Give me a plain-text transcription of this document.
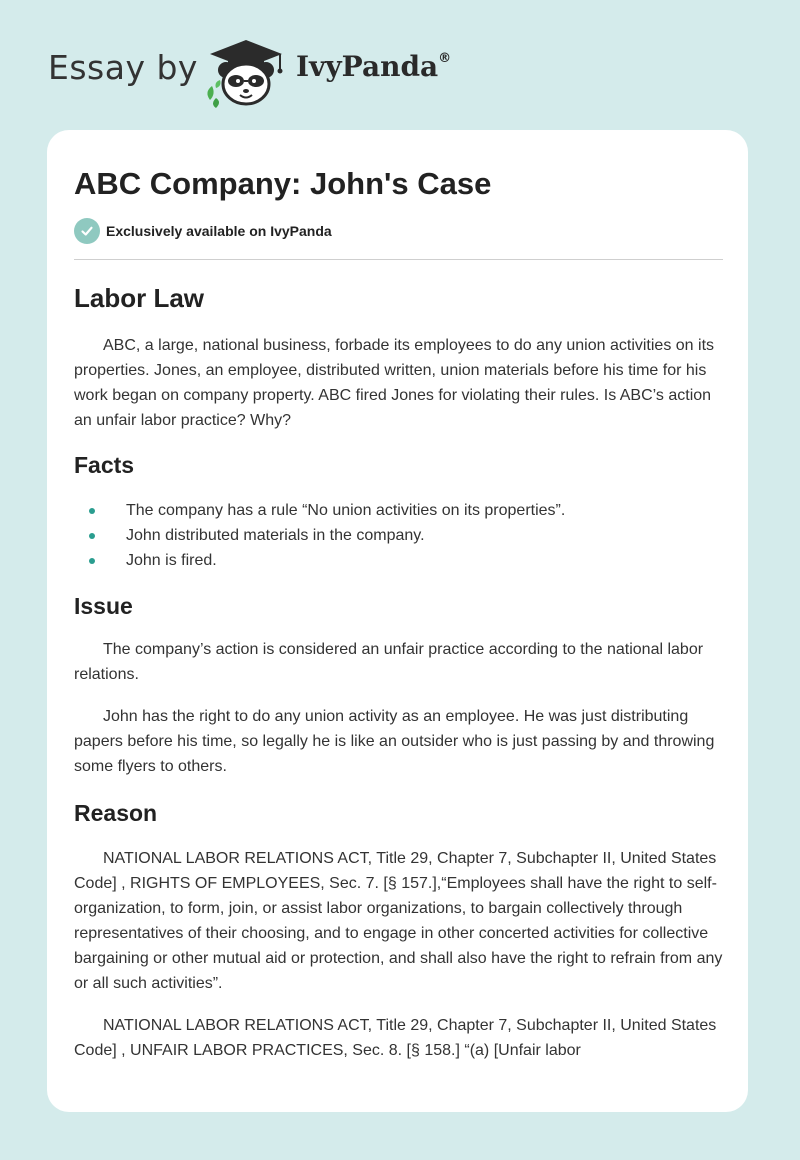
Essay by	IvyPanda®
ABC Company: John's Case
Exclusively available on IvyPanda
Labor Law

ABC, a large, national business, forbade its employees to do any union activities on its properties. Jones, an employee, distributed written, union materials before his time for his work began on company property. ABC fired Jones for violating their rules. Is ABC’s action an unfair labor practice? Why?

Facts
The company has a rule “No union activities on its properties”.
John distributed materials in the company.
John is fired.
Issue

The company’s action is considered an unfair practice according to the national labor relations.

John has the right to do any union activity as an employee. He was just distributing papers before his time, so legally he is like an outsider who is just passing by and throwing some flyers to others.

Reason

NATIONAL LABOR RELATIONS ACT, Title 29, Chapter 7, Subchapter II, United States Code] , RIGHTS OF EMPLOYEES, Sec. 7. [§ 157.],“Employees shall have the right to self-organization, to form, join, or assist labor organizations, to bargain collectively through representatives of their choosing, and to engage in other concerted activities for collective bargaining or other mutual aid or protection, and shall also have the right to refrain from any or all such activities”.

NATIONAL LABOR RELATIONS ACT, Title 29, Chapter 7, Subchapter II, United States Code] , UNFAIR LABOR PRACTICES, Sec. 8. [§ 158.] “(a) [Unfair labor
